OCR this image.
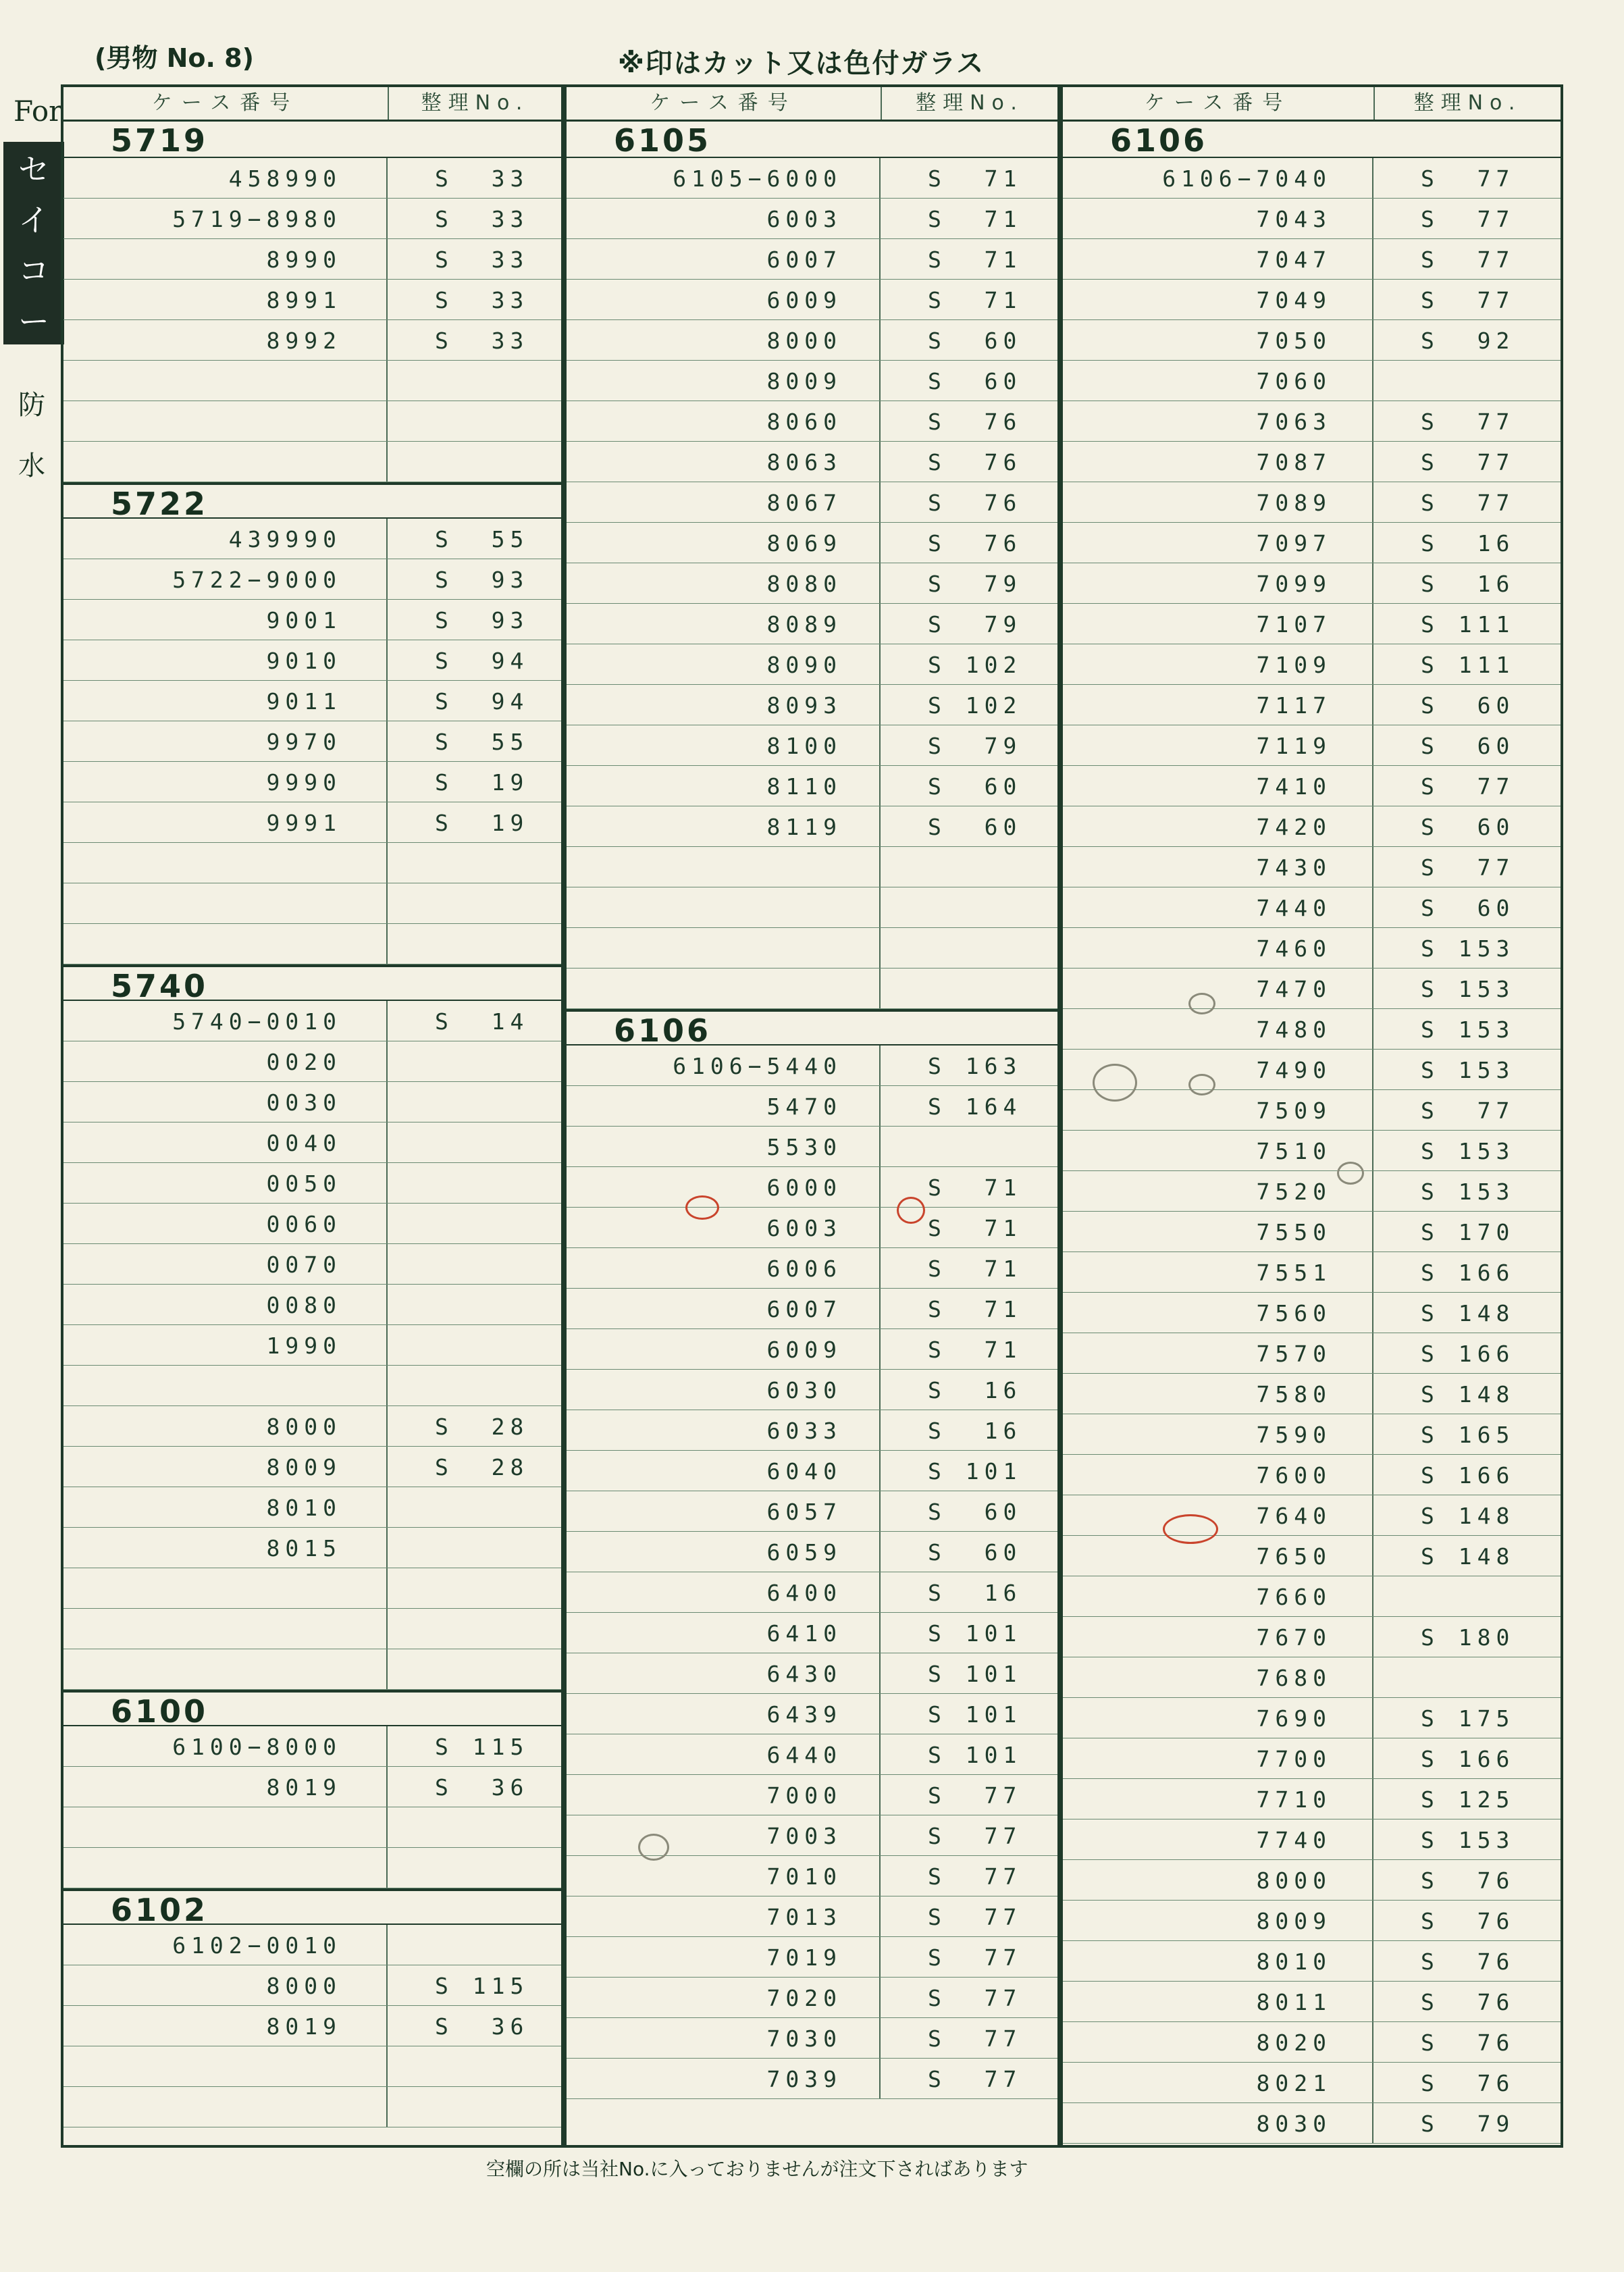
(男物 No. 8)	※印はカット又は色付ガラス
For
セ
イ
コ
ー
防
水
ケース番号	整理No.
5719
458990	S  33
5719−8980	S  33
8990	S  33
8991	S  33
8992	S  33
5722
439990	S  55
5722−9000	S  93
9001	S  93
9010	S  94
9011	S  94
9970	S  55
9990	S  19
9991	S  19
5740
5740−0010	S  14
0020
0030
0040
0050
0060
0070
0080
1990
8000	S  28
8009	S  28
8010
8015
6100
6100−8000	S 115
8019	S  36
6102
6102−0010
8000	S 115
8019	S  36
ケース番号	整理No.
6105
6105−6000	S  71
6003	S  71
6007	S  71
6009	S  71
8000	S  60
8009	S  60
8060	S  76
8063	S  76
8067	S  76
8069	S  76
8080	S  79
8089	S  79
8090	S 102
8093	S 102
8100	S  79
8110	S  60
8119	S  60
6106
6106−5440	S 163
5470	S 164
5530
6000	S  71
6003	S  71
6006	S  71
6007	S  71
6009	S  71
6030	S  16
6033	S  16
6040	S 101
6057	S  60
6059	S  60
6400	S  16
6410	S 101
6430	S 101
6439	S 101
6440	S 101
7000	S  77
7003	S  77
7010	S  77
7013	S  77
7019	S  77
7020	S  77
7030	S  77
7039	S  77
ケース番号	整理No.
6106
6106−7040	S  77
7043	S  77
7047	S  77
7049	S  77
7050	S  92
7060
7063	S  77
7087	S  77
7089	S  77
7097	S  16
7099	S  16
7107	S 111
7109	S 111
7117	S  60
7119	S  60
7410	S  77
7420	S  60
7430	S  77
7440	S  60
7460	S 153
7470	S 153
7480	S 153
7490	S 153
7509	S  77
7510	S 153
7520	S 153
7550	S 170
7551	S 166
7560	S 148
7570	S 166
7580	S 148
7590	S 165
7600	S 166
7640	S 148
7650	S 148
7660
7670	S 180
7680
7690	S 175
7700	S 166
7710	S 125
7740	S 153
8000	S  76
8009	S  76
8010	S  76
8011	S  76
8020	S  76
8021	S  76
8030	S  79
空欄の所は当社No.に入っておりませんが注文下さればあります
